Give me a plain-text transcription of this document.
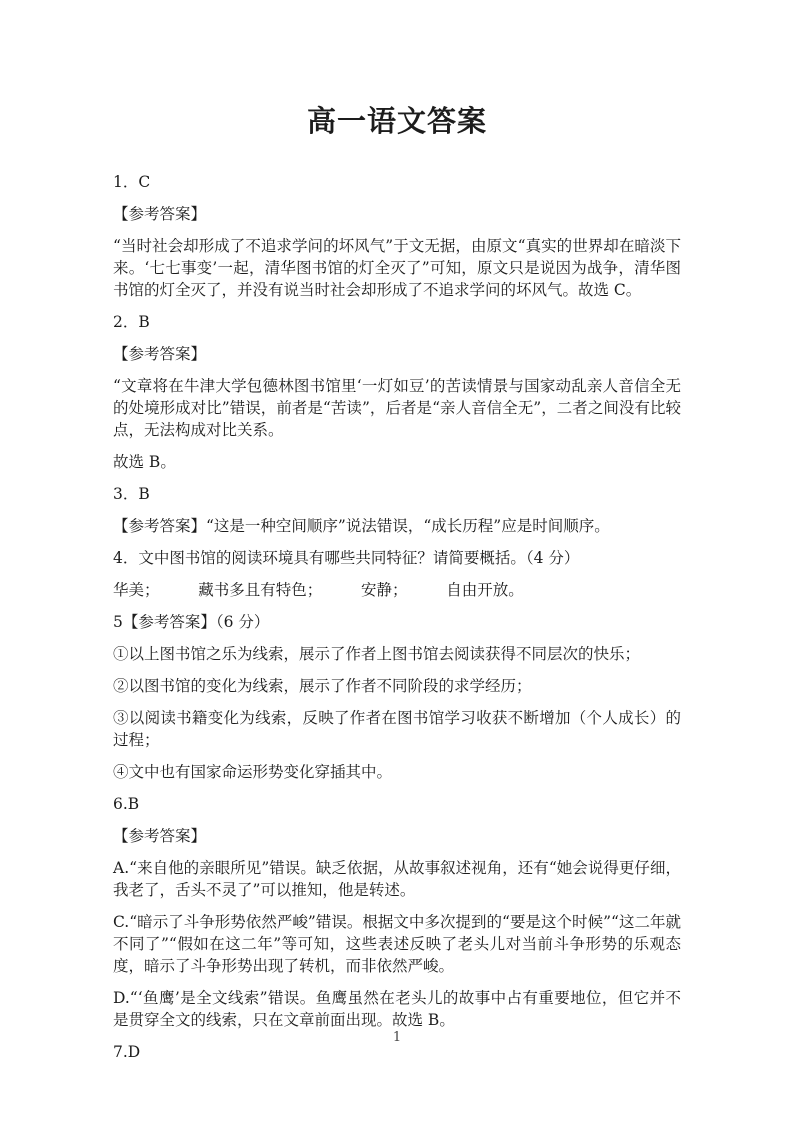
高一语文答案

1．C

【参考答案】

“当时社会却形成了不追求学问的坏风气”于文无据，由原文“真实的世界却在暗淡下来。‘七七事变’一起，清华图书馆的灯全灭了”可知，原文只是说因为战争，清华图书馆的灯全灭了，并没有说当时社会却形成了不追求学问的坏风气。故选 C。

2．B

【参考答案】

“文章将在牛津大学包德林图书馆里‘一灯如豆’的苦读情景与国家动乱亲人音信全无的处境形成对比”错误，前者是“苦读”，后者是“亲人音信全无”，二者之间没有比较点，无法构成对比关系。

故选 B。

3．B

【参考答案】“这是一种空间顺序”说法错误，“成长历程”应是时间顺序。

4．文中图书馆的阅读环境具有哪些共同特征？请简要概括。（4 分）

华美；　　　藏书多且有特色；　　　安静；　　　自由开放。

5【参考答案】（6 分）

①以上图书馆之乐为线索，展示了作者上图书馆去阅读获得不同层次的快乐；

②以图书馆的变化为线索，展示了作者不同阶段的求学经历；

③以阅读书籍变化为线索，反映了作者在图书馆学习收获不断增加（个人成长）的过程；

④文中也有国家命运形势变化穿插其中。

6.B

【参考答案】

A.“来自他的亲眼所见”错误。缺乏依据，从故事叙述视角，还有“她会说得更仔细，我老了，舌头不灵了”可以推知，他是转述。

C.“暗示了斗争形势依然严峻”错误。根据文中多次提到的“要是这个时候”“这二年就不同了”“假如在这二年”等可知，这些表述反映了老头儿对当前斗争形势的乐观态度，暗示了斗争形势出现了转机，而非依然严峻。

D.“‘鱼鹰’是全文线索”错误。鱼鹰虽然在老头儿的故事中占有重要地位，但它并不是贯穿全文的线索，只在文章前面出现。故选 B。

7.D

1
